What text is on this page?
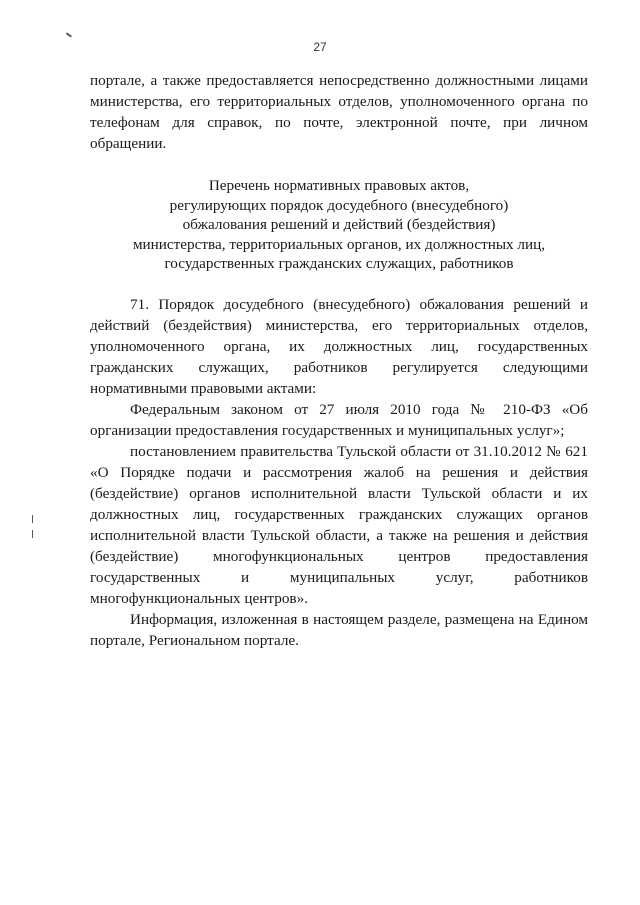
27

порталe, а также предоставляется непосредственно должностными лицами министерства, его территориальных отделов, уполномоченного органа по телефонам для справок, по почте, электронной почте, при личном обращении.

Перечень нормативных правовых актов,
регулирующих порядок досудебного (внесудебного)
обжалования решений и действий (бездействия)
министерства, территориальных органов, их должностных лиц,
государственных гражданских служащих, работников

71. Порядок досудебного (внесудебного) обжалования решений и действий (бездействия) министерства, его территориальных отделов, уполномоченного органа, их должностных лиц, государственных гражданских служащих, работников регулируется следующими нормативными правовыми актами:

Федеральным законом от 27 июля 2010 года № 210-ФЗ «Об организации предоставления государственных и муниципальных услуг»;

постановлением правительства Тульской области от 31.10.2012 № 621 «О Порядке подачи и рассмотрения жалоб на решения и действия (бездействие) органов исполнительной власти Тульской области и их должностных лиц, государственных гражданских служащих органов исполнительной власти Тульской области, а также на решения и действия (бездействие) многофункциональных центров предоставления государственных и муниципальных услуг, работников многофункциональных центров».

Информация, изложенная в настоящем разделе, размещена на Едином портале, Региональном портале.
